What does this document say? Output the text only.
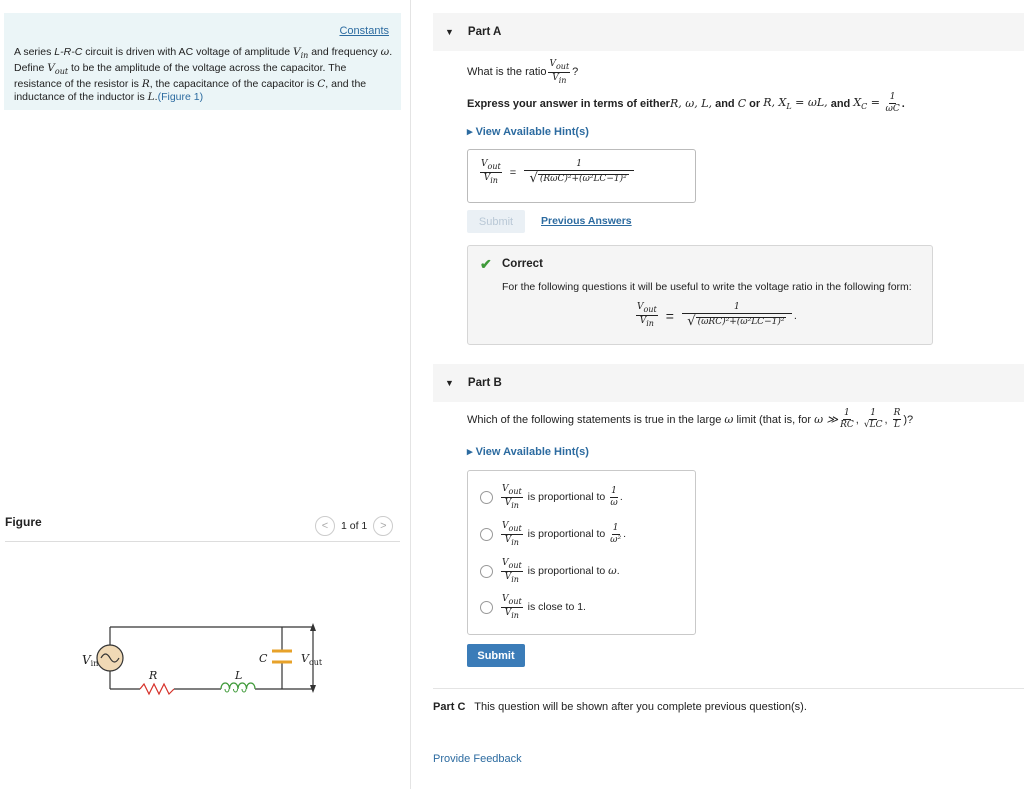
Constants
A series L-R-C circuit is driven with AC voltage of amplitude $V_{in}$ and frequency ω. Define $V_{out}$ to be the amplitude of the voltage across the capacitor. The resistance of the resistor is R, the capacitance of the capacitor is C, and the inductance of the inductor is L.(Figure 1)
Figure	<	1 of 1	>
Vin
R	L
C	$V_{out}$
▼ Part A
What is the ratio $\frac{V_{out}}{V_{in}}$ ?
Express your answer in terms of either R, ω, L, and C or R, $X_L = \omega L$, and $X_C = \frac{1}{\omega C}$ .
▸ View Available Hint(s)
$\frac{V_{out}}{V_{in}} = \frac{1}{\text{√ (RωC)²+(ω²LC−1)²}}$
Submit	Previous Answers
✔ Correct
For the following questions it will be useful to write the voltage ratio in the following form:
$\frac{V_{out}}{V_{in}} = \frac{1}{\text{√ (ωRC)²+(ω²LC−1)²}}$ .
▼ Part B
Which of the following statements is true in the large ω limit (that is, for ω ≫ $\frac{1}{RC}$ , $\frac{1}{√LC}$ , $\frac{R}{L}$ )?
▸ View Available Hint(s)
$\frac{V_{out}}{V_{in}}$ is proportional to $\frac{1}{\omega}$ .
$\frac{V_{out}}{V_{in}}$ is proportional to $\frac{1}{\text{ω²}}$ .
$\frac{V_{out}}{V_{in}}$ is proportional to ω .
$\frac{V_{out}}{V_{in}}$ is close to 1.
Submit
Part C This question will be shown after you complete previous question(s).
Provide Feedback
